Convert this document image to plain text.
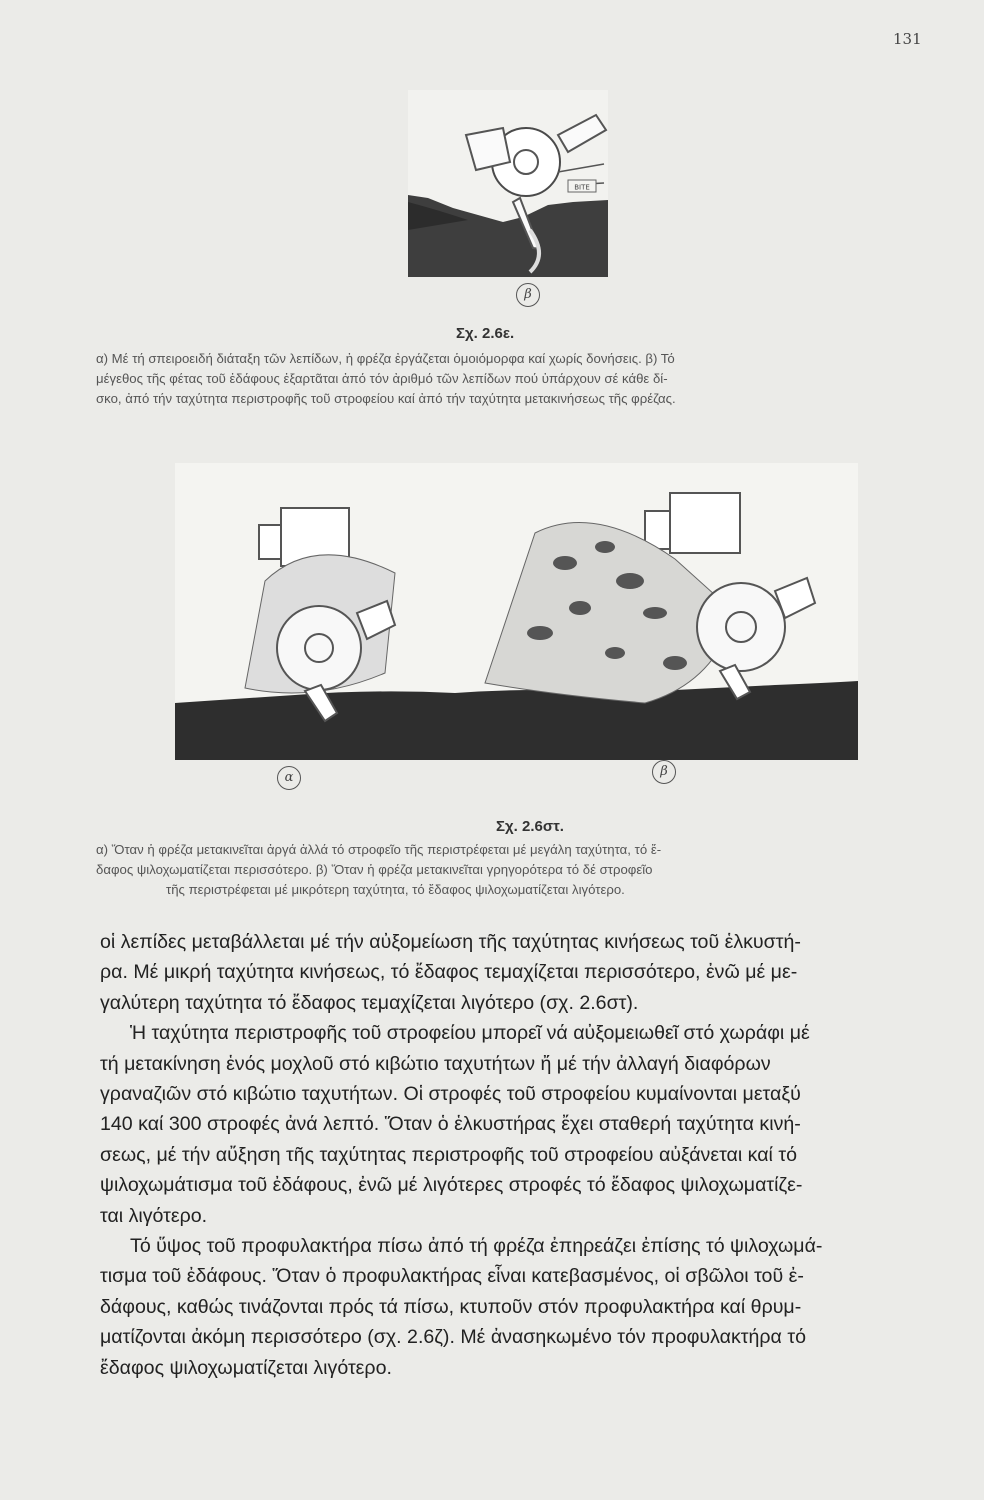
131
BITE
β
Σχ. 2.6ε.
α) Μέ τή σπειροειδή διάταξη τῶν λεπίδων, ἡ φρέζα ἐργάζεται ὁμοιόμορφα καί χωρίς δονήσεις. β) Τό
μέγεθος τῆς φέτας τοῦ ἐδάφους ἐξαρτᾶται ἀπό τόν ἀριθμό τῶν λεπίδων πού ὑπάρχουν σέ κάθε δί-
σκο, ἀπό τήν ταχύτητα περιστροφῆς τοῦ στροφείου καί ἀπό τήν ταχύτητα μετακινήσεως τῆς φρέζας.
α	β
Σχ. 2.6στ.
α) Ὅταν ἡ φρέζα μετακινεῖται ἀργά ἀλλά τό στροφεῖο τῆς περιστρέφεται μέ μεγάλη ταχύτητα, τό ἔ-
δαφος ψιλοχωματίζεται περισσότερο. β) Ὅταν ἡ φρέζα μετακινεῖται γρηγορότερα τό δέ στροφεῖο
τῆς περιστρέφεται μέ μικρότερη ταχύτητα, τό ἔδαφος ψιλοχωματίζεται λιγότερο.
οἱ λεπίδες μεταβάλλεται μέ τήν αὐξομείωση τῆς ταχύτητας κινήσεως τοῦ ἑλκυστή-
ρα. Μέ μικρή ταχύτητα κινήσεως, τό ἔδαφος τεμαχίζεται περισσότερο, ἐνῶ μέ με-
γαλύτερη ταχύτητα τό ἔδαφος τεμαχίζεται λιγότερο (σχ. 2.6στ).
Ἡ ταχύτητα περιστροφῆς τοῦ στροφείου μπορεῖ νά αὐξομειωθεῖ στό χωράφι μέ
τή μετακίνηση ἑνός μοχλοῦ στό κιβώτιο ταχυτήτων ἤ μέ τήν ἀλλαγή διαφόρων
γραναζιῶν στό κιβώτιο ταχυτήτων. Οἱ στροφές τοῦ στροφείου κυμαίνονται μεταξύ
140 καί 300 στροφές ἀνά λεπτό. Ὅταν ὁ ἑλκυστήρας ἔχει σταθερή ταχύτητα κινή-
σεως, μέ τήν αὔξηση τῆς ταχύτητας περιστροφῆς τοῦ στροφείου αὐξάνεται καί τό
ψιλοχωμάτισμα τοῦ ἐδάφους, ἐνῶ μέ λιγότερες στροφές τό ἔδαφος ψιλοχωματίζε-
ται λιγότερο.
Τό ὕψος τοῦ προφυλακτήρα πίσω ἀπό τή φρέζα ἐπηρεάζει ἐπίσης τό ψιλοχωμά-
τισμα τοῦ ἐδάφους. Ὅταν ὁ προφυλακτήρας εἶναι κατεβασμένος, οἱ σβῶλοι τοῦ ἐ-
δάφους, καθώς τινάζονται πρός τά πίσω, κτυποῦν στόν προφυλακτήρα καί θρυμ-
ματίζονται ἀκόμη περισσότερο (σχ. 2.6ζ). Μέ ἀνασηκωμένο τόν προφυλακτήρα τό
ἔδαφος ψιλοχωματίζεται λιγότερο.
